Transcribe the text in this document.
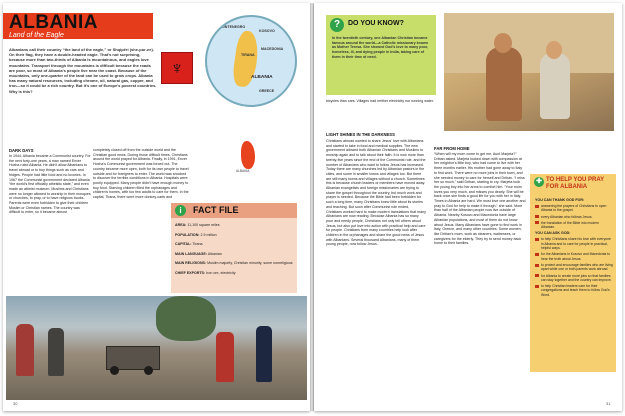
ALBANIA
Land of the Eagle
Albanians call their country “the land of the eagle,” or Shqipëri (she-pur-ee). On their flag, they have a double-headed eagle. That's not surprising, because more than two-thirds of Albania is mountainous, and eagles love mountains. Transport through the mountains is difficult because the roads are poor, so most of Albania's people live near the coast. Because of the mountains, only one-quarter of the land can be used to grow crops. Albania has many natural resources, including chrome, oil, natural gas, copper, and iron—so it could be a rich country. But it's one of Europe's poorest countries. Why is this?
♆
MONTENEGRO
KOSOVO
MACEDONIA
TIRANA
GREECE
ALBANIA
ALBANIA
DARK DAYS
In 1944, Albania became a Communist country. For the next forty-one years, a man named Enver Hoxha ruled Albania. He didn't allow Albanians to travel abroad or to buy things such as cars and fridges. People had little food and no luxuries. In 1967 the Communist government declared Albania “the world's first officially atheistic state,” and even made an atheist museum. Muslims and Christians were no longer allowed to worship in their mosques or churches, to pray, or to have religious books. Parents were even forbidden to give their children Muslim or Christian names. The country was difficult to enter, so it became almost
completely closed off from the outside world and the Christian good news. During those difficult times, Christians around the world prayed for Albania. Finally, in 1991, Enver Hoxha's Communist government was forced out. The country became more open, both for its own people to travel outside and for foreigners to enter. The world was shocked to discover the terrible conditions in Albania. Hospitals were poorly equipped. Many people didn't have enough money to buy food. Starving children filled the orphanages and children's homes, with too few adults to care for them. In the capital, Tirana, there were more donkey-carts and
i	FACT FILE
AREA: 11,100 square miles
POPULATION: 2.9 million
CAPITAL: Tirana
MAIN LANGUAGE: Albanian
MAIN RELIGIONS: Muslim majority, Christian minority, some nonreligious
CHIEF EXPORTS: Iron ore, electricity
30
?	DO YOU KNOW?
In the twentieth century, one Albanian Christian became famous around the world—a Catholic missionary known as Mother Teresa. She showed God's love to many poor, homeless, ill, and dying people in India, taking care of them in their time of need.
bicycles than cars. Villages had neither electricity nor running water.
LIGHT SHINES IN THE DARKNESS
Christians abroad wanted to share Jesus' love with Albanians and started to take in food and medical supplies. The new government allowed both Albanian Christians and Muslims to worship again and to talk about their faith. It is now more than twenty-five years since the end of the Communist rule, and the number of Albanians who want to follow Jesus has increased. Today there are many churches led by Albanian pastors in the cities, and some in smaller towns and villages too. But there are still many towns and villages without a church. Sometimes this is because church leaders or members have moved away. Albanian evangelists and foreign missionaries are trying to share the gospel throughout the country, but much work and prayer is needed. Because the Bible had been forbidden for such a long time, many Christians knew little about its stories and teaching. But soon after Communist rule ended, Christians worked hard to make modern translations that many Albanians are now reading. Because Albania has so many poor and needy people, Christians not only tell others about Jesus, but also put love into action with practical help and care for people. Christians from many countries help look after children in the orphanages and share the good news of Jesus with Albanians. Several thousand Albanians, many of them young people, now follow Jesus.
FAR FROM HOME
“When will my mom come to get me, Aunt Marjeta?” Driban asked. Marjeta looked down with compassion at her neighbor's little boy, who had come to live with her three months earlier. His mother had gone away to Italy to find work. There were no more jobs in their town, and she needed money to care for herself and Driban. “I miss her so much,” said Driban, starting to cry. Marjeta took the young boy into her arms to comfort him. “Your mom loves you very much, and misses you dearly. She will be back once she finds a good life for you with her in Italy. Times in Albania are hard. We must love one another and pray to God for help to make it through,” she said. More than half of the Albanian people now live outside of Albania. Nearby Kosovo and Macedonia have large Albanian populations, and most of them do not know about Jesus. Many Albanians have gone to find work in Italy, Greece, and many other countries. Some women, like Driban's mom, work as cleaners, waitresses, or caregivers for the elderly. They try to send money back home to their families.
✚ TO HELP YOU PRAY FOR ALBANIA
YOU CAN THANK GOD FOR:
answering the prayers of Christians to open Albania to the gospel.
every Albanian who follows Jesus.
the translation of the Bible into modern Albanian.
YOU CAN ASK GOD:
to help Christians share his love with everyone in Albania and to care for people in practical, helpful ways.
for the Albanians in Kosovo and Macedonia to hear the truth about Jesus.
to protect and encourage families who are living apart while one or both parents work abroad.
for Albania to create more jobs so that families can stay together and the country can improve.
to help Christian leaders care for their congregations and teach them to follow God's Word.
31
